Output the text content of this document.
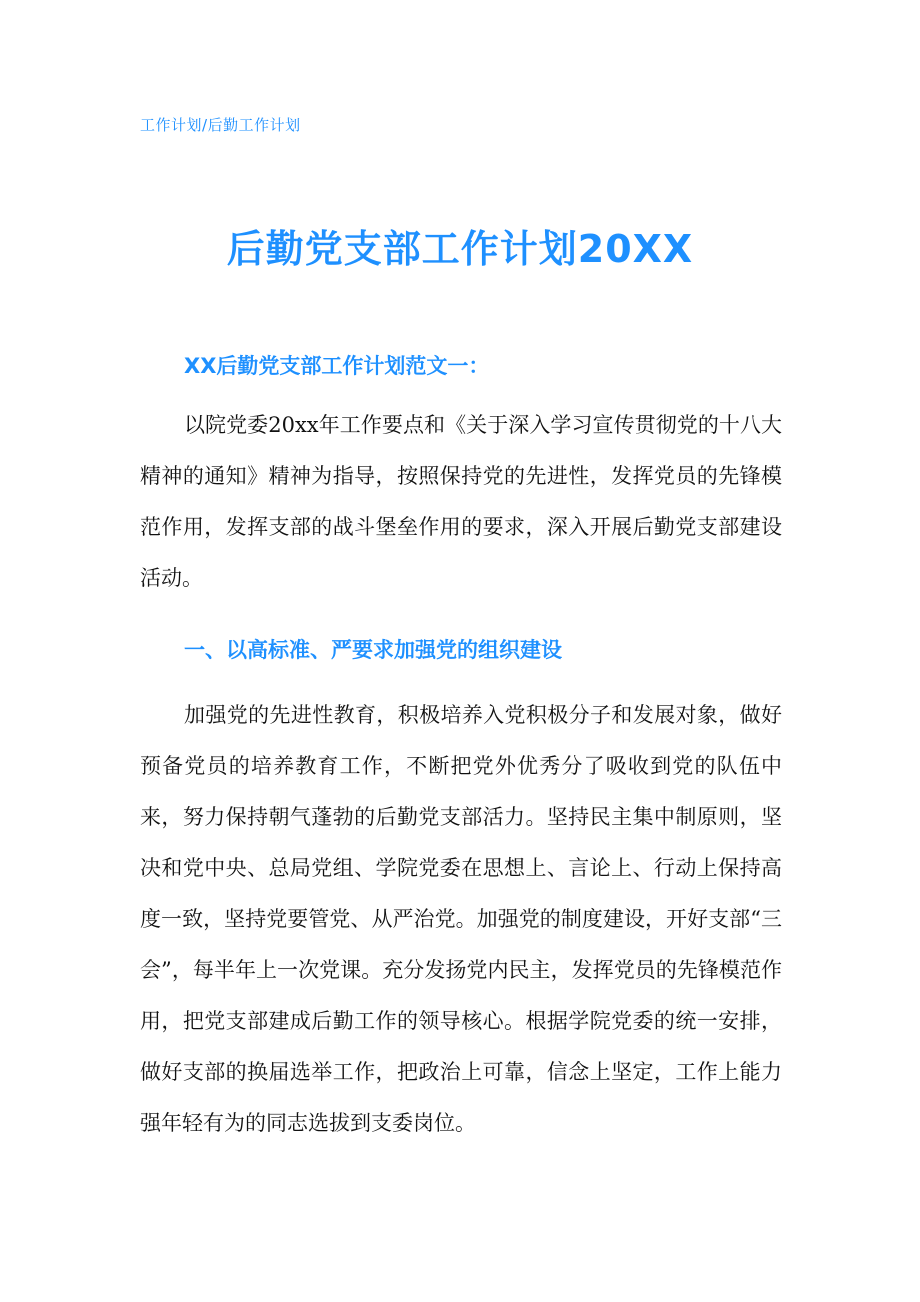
工作计划/后勤工作计划
后勤党支部工作计划20XX

XX后勤党支部工作计划范文一：

以院党委20xx年工作要点和《关于深入学习宣传贯彻党的十八大精神的通知》精神为指导，按照保持党的先进性，发挥党员的先锋模范作用，发挥支部的战斗堡垒作用的要求，深入开展后勤党支部建设活动。

一、以高标准、严要求加强党的组织建设

加强党的先进性教育，积极培养入党积极分子和发展对象，做好预备党员的培养教育工作，不断把党外优秀分了吸收到党的队伍中来，努力保持朝气蓬勃的后勤党支部活力。坚持民主集中制原则，坚决和党中央、总局党组、学院党委在思想上、言论上、行动上保持高度一致，坚持党要管党、从严治党。加强党的制度建设，开好支部“三会”，每半年上一次党课。充分发扬党内民主，发挥党员的先锋模范作用，把党支部建成后勤工作的领导核心。根据学院党委的统一安排，做好支部的换届选举工作，把政治上可靠，信念上坚定，工作上能力强年轻有为的同志选拔到支委岗位。
